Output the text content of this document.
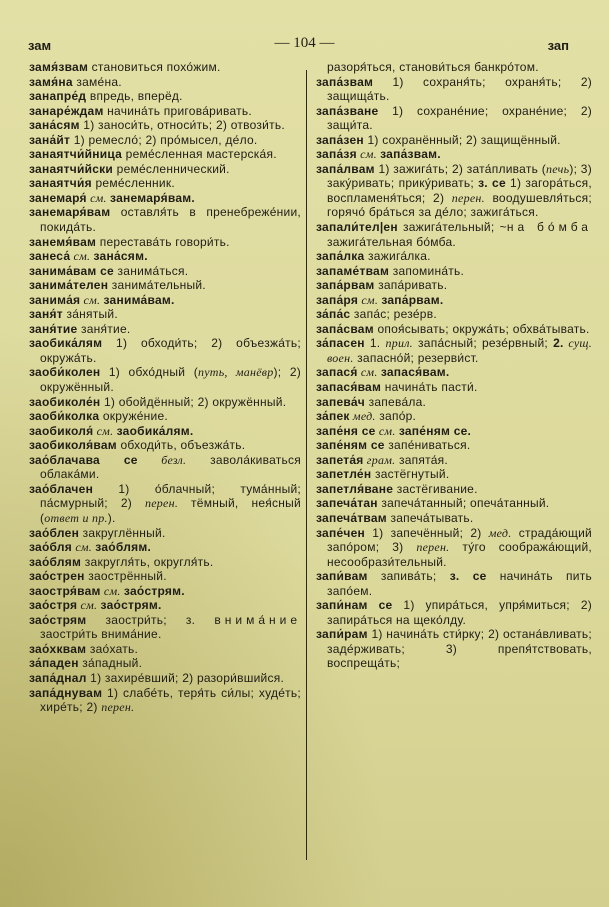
зам	— 104 —	зап
замя́звам становиться похо́жим.
замя́на заме́на.
занапре́д впредь, вперёд.
занаре́ждам начина́ть пригова́ривать.
зана́сям 1) заноси́ть, относи́ть; 2) отвози́ть.
зана́йт 1) ремесло́; 2) про́мысел, де́ло.
занаятчи́йница реме́сленная мастерска́я.
занаятчи́йски реме́сленнический.
занаятчи́я реме́сленник.
занемаря́ см. занемаря́вам.
занемаря́вам оставля́ть в пренебреже́нии, покида́ть.
занемя́вам перестава́ть говори́ть.
занеса́ см. зана́сям.
занима́вам се занима́ться.
занима́телен занима́тельный.
занима́я см. занима́вам.
заня́т за́нятый.
заня́тие заня́тие.
заобика́лям 1) обходи́ть; 2) объезжа́ть; окружа́ть.
заоби́колен 1) обхо́дный (путь, манёвр); 2) окружённый.
заобиколе́н 1) обойдённый; 2) окружённый.
заоби́колка окруже́ние.
заобиколя́ см. заобика́лям.
заобиколя́вам обходи́ть, объезжа́ть.
зао́блачава се безл. завола́киваться облака́ми.
зао́блачен 1) о́блачный; тума́нный; па́смурный; 2) перен. тёмный, нея́сный (ответ и пр.).
зао́блен закруглённый.
зао́бля см. зао́блям.
зао́блям закругля́ть, округля́ть.
зао́стрен заострённый.
заостря́вам см. зао́стрям.
зао́стря см. зао́стрям.
зао́стрям заостри́ть; з. внима́ние заостри́ть внима́ние.
зао́хквам зао́хать.
за́паден за́падный.
запа́днал 1) захире́вший; 2) разори́вшийся.
запа́днувам 1) слабе́ть, теря́ть си́лы; худе́ть; хире́ть; 2) перен.
разоря́ться, станови́ться банкро́том.
запа́звам 1) сохраня́ть; охраня́ть; 2) защища́ть.
запа́зване 1) сохране́ние; охране́ние; 2) защи́та.
запа́зен 1) сохранённый; 2) защищённый.
запа́зя см. запа́звам.
запа́лвам 1) зажига́ть; 2) зата́пливать (печь); 3) заку́ривать; прику́ривать; з. се 1) загора́ться, воспламеня́ться; 2) перен. воодушевля́ться; горячо́ бра́ться за де́ло; зажига́ться.
запали́тел|ен зажига́тельный; ~на бо́мба зажига́тельная бо́мба.
запа́лка зажига́лка.
запаме́твам запомина́ть.
запа́рвам запа́ривать.
запа́ря см. запа́рвам.
за́па́с запа́с; резе́рв.
запа́свам опоя́сывать; окружа́ть; обхва́тывать.
за́пасен 1. прил. запа́сный; резе́рвный; 2. сущ. воен. запасно́й; резерви́ст.
запася́ см. запася́вам.
запася́вам начина́ть пасти́.
запева́ч запева́ла.
за́пек мед. запо́р.
запе́ня се см. запе́ням се.
запе́ням се запе́ниваться.
запета́я грам. запята́я.
запетле́н застёгнутый.
запетля́ване застёгивание.
запеча́тан запеча́танный; опеча́танный.
запеча́твам запеча́тывать.
запе́чен 1) запечённый; 2) мед. страда́ющий запо́ром; 3) перен. ту́го сообража́ющий, несообрази́тельный.
запи́вам запива́ть; з. се начина́ть пить запо́ем.
запи́нам се 1) упира́ться, упря́миться; 2) запира́ться на щеко́лду.
запи́рам 1) начина́ть сти́рку; 2) остана́вливать; заде́рживать; 3) препя́тствовать, воспреща́ть;
